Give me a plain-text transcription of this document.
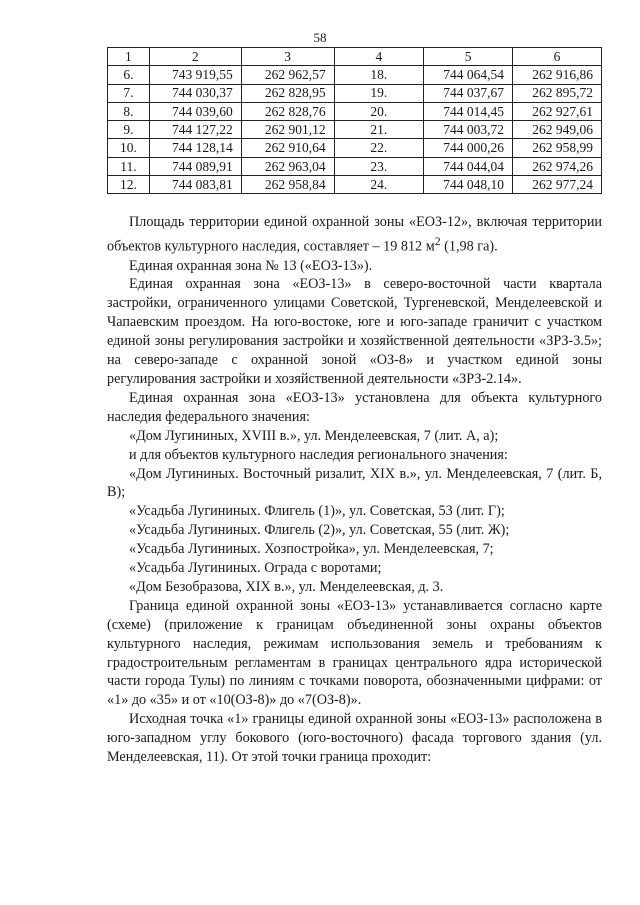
58
1	2	3	4	5	6
6.	743 919,55	262 962,57	18.	744 064,54	262 916,86
7.	744 030,37	262 828,95	19.	744 037,67	262 895,72
8.	744 039,60	262 828,76	20.	744 014,45	262 927,61
9.	744 127,22	262 901,12	21.	744 003,72	262 949,06
10.	744 128,14	262 910,64	22.	744 000,26	262 958,99
11.	744 089,91	262 963,04	23.	744 044,04	262 974,26
12.	744 083,81	262 958,84	24.	744 048,10	262 977,24

Площадь территории единой охранной зоны «ЕОЗ-12», включая территории объектов культурного наследия, составляет – 19 812 $м^2$ (1,98 га).

Единая охранная зона № 13 («ЕОЗ-13»).

Единая охранная зона «ЕОЗ-13» в северо-восточной части квартала застройки, ограниченного улицами Советской, Тургеневской, Менделеевской и Чапаевским проездом. На юго-востоке, юге и юго-западе граничит с участком единой зоны регулирования застройки и хозяйственной деятельности «ЗРЗ-3.5»; на северо-западе с охранной зоной «ОЗ-8» и участком единой зоны регулирования застройки и хозяйственной деятельности «ЗРЗ-2.14».

Единая охранная зона «ЕОЗ-13» установлена для объекта культурного наследия федерального значения:

«Дом Лугининых, XVIII в.», ул. Менделеевская, 7 (лит. А, а);

и для объектов культурного наследия регионального значения:

«Дом Лугининых. Восточный ризалит, XIX в.», ул. Менделеевская, 7 (лит. Б, В);

«Усадьба Лугининых. Флигель (1)», ул. Советская, 53 (лит. Г);

«Усадьба Лугининых. Флигель (2)», ул. Советская, 55 (лит. Ж);

«Усадьба Лугининых. Хозпостройка», ул. Менделеевская, 7;

«Усадьба Лугининых. Ограда с воротами;

«Дом Безобразова, XIX в.», ул. Менделеевская, д. 3.

Граница единой охранной зоны «ЕОЗ-13» устанавливается согласно карте (схеме) (приложение к границам объединенной зоны охраны объектов культурного наследия, режимам использования земель и требованиям к градостроительным регламентам в границах центрального ядра исторической части города Тулы) по линиям с точками поворота, обозначенными цифрами: от «1» до «35» и от «10(ОЗ-8)» до «7(ОЗ-8)».

Исходная точка «1» границы единой охранной зоны «ЕОЗ-13» расположена в юго-западном углу бокового (юго-восточного) фасада торгового здания (ул. Менделеевская, 11). От этой точки граница проходит:
